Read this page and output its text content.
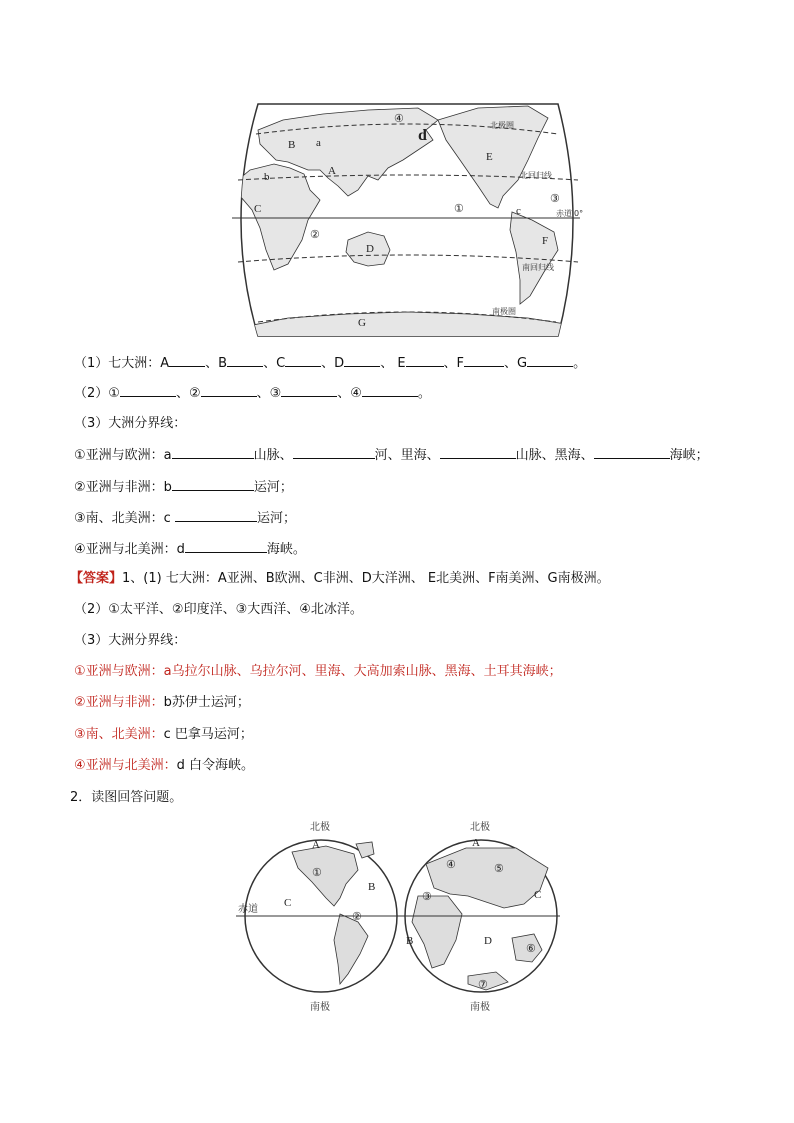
A
B
C
D
E
F
G
①
②
③
④
a
b
c
d
北极圈
北回归线
赤道 0°
南回归线
南极圈
（1）七大洲：A	、B	、C	、D	、 E	、F	、G	。
（2）①	、②	、③	、④	。
（3）大洲分界线：
①亚洲与欧洲：a	山脉、	河、里海、	山脉、黑海、	海峡；
②亚洲与非洲：b	运河；
③南、北美洲：c	运河；
④亚洲与北美洲：d	海峡。
【答案】1、(1) 七大洲：A亚洲、B欧洲、C非洲、D大洋洲、 E北美洲、F南美洲、G南极洲。
（2）①太平洋、②印度洋、③大西洋、④北冰洋。
（3）大洲分界线：
①亚洲与欧洲：a乌拉尔山脉、乌拉尔河、里海、大高加索山脉、黑海、土耳其海峡；
②亚洲与非洲：b苏伊士运河；
③南、北美洲：c 巴拿马运河；
④亚洲与北美洲：d 白令海峡。
2．读图回答问题。
北极	北极
南极	南极
赤道
A
C
B
①
②
A
C
B	D
③
④	⑤
⑥
⑦
